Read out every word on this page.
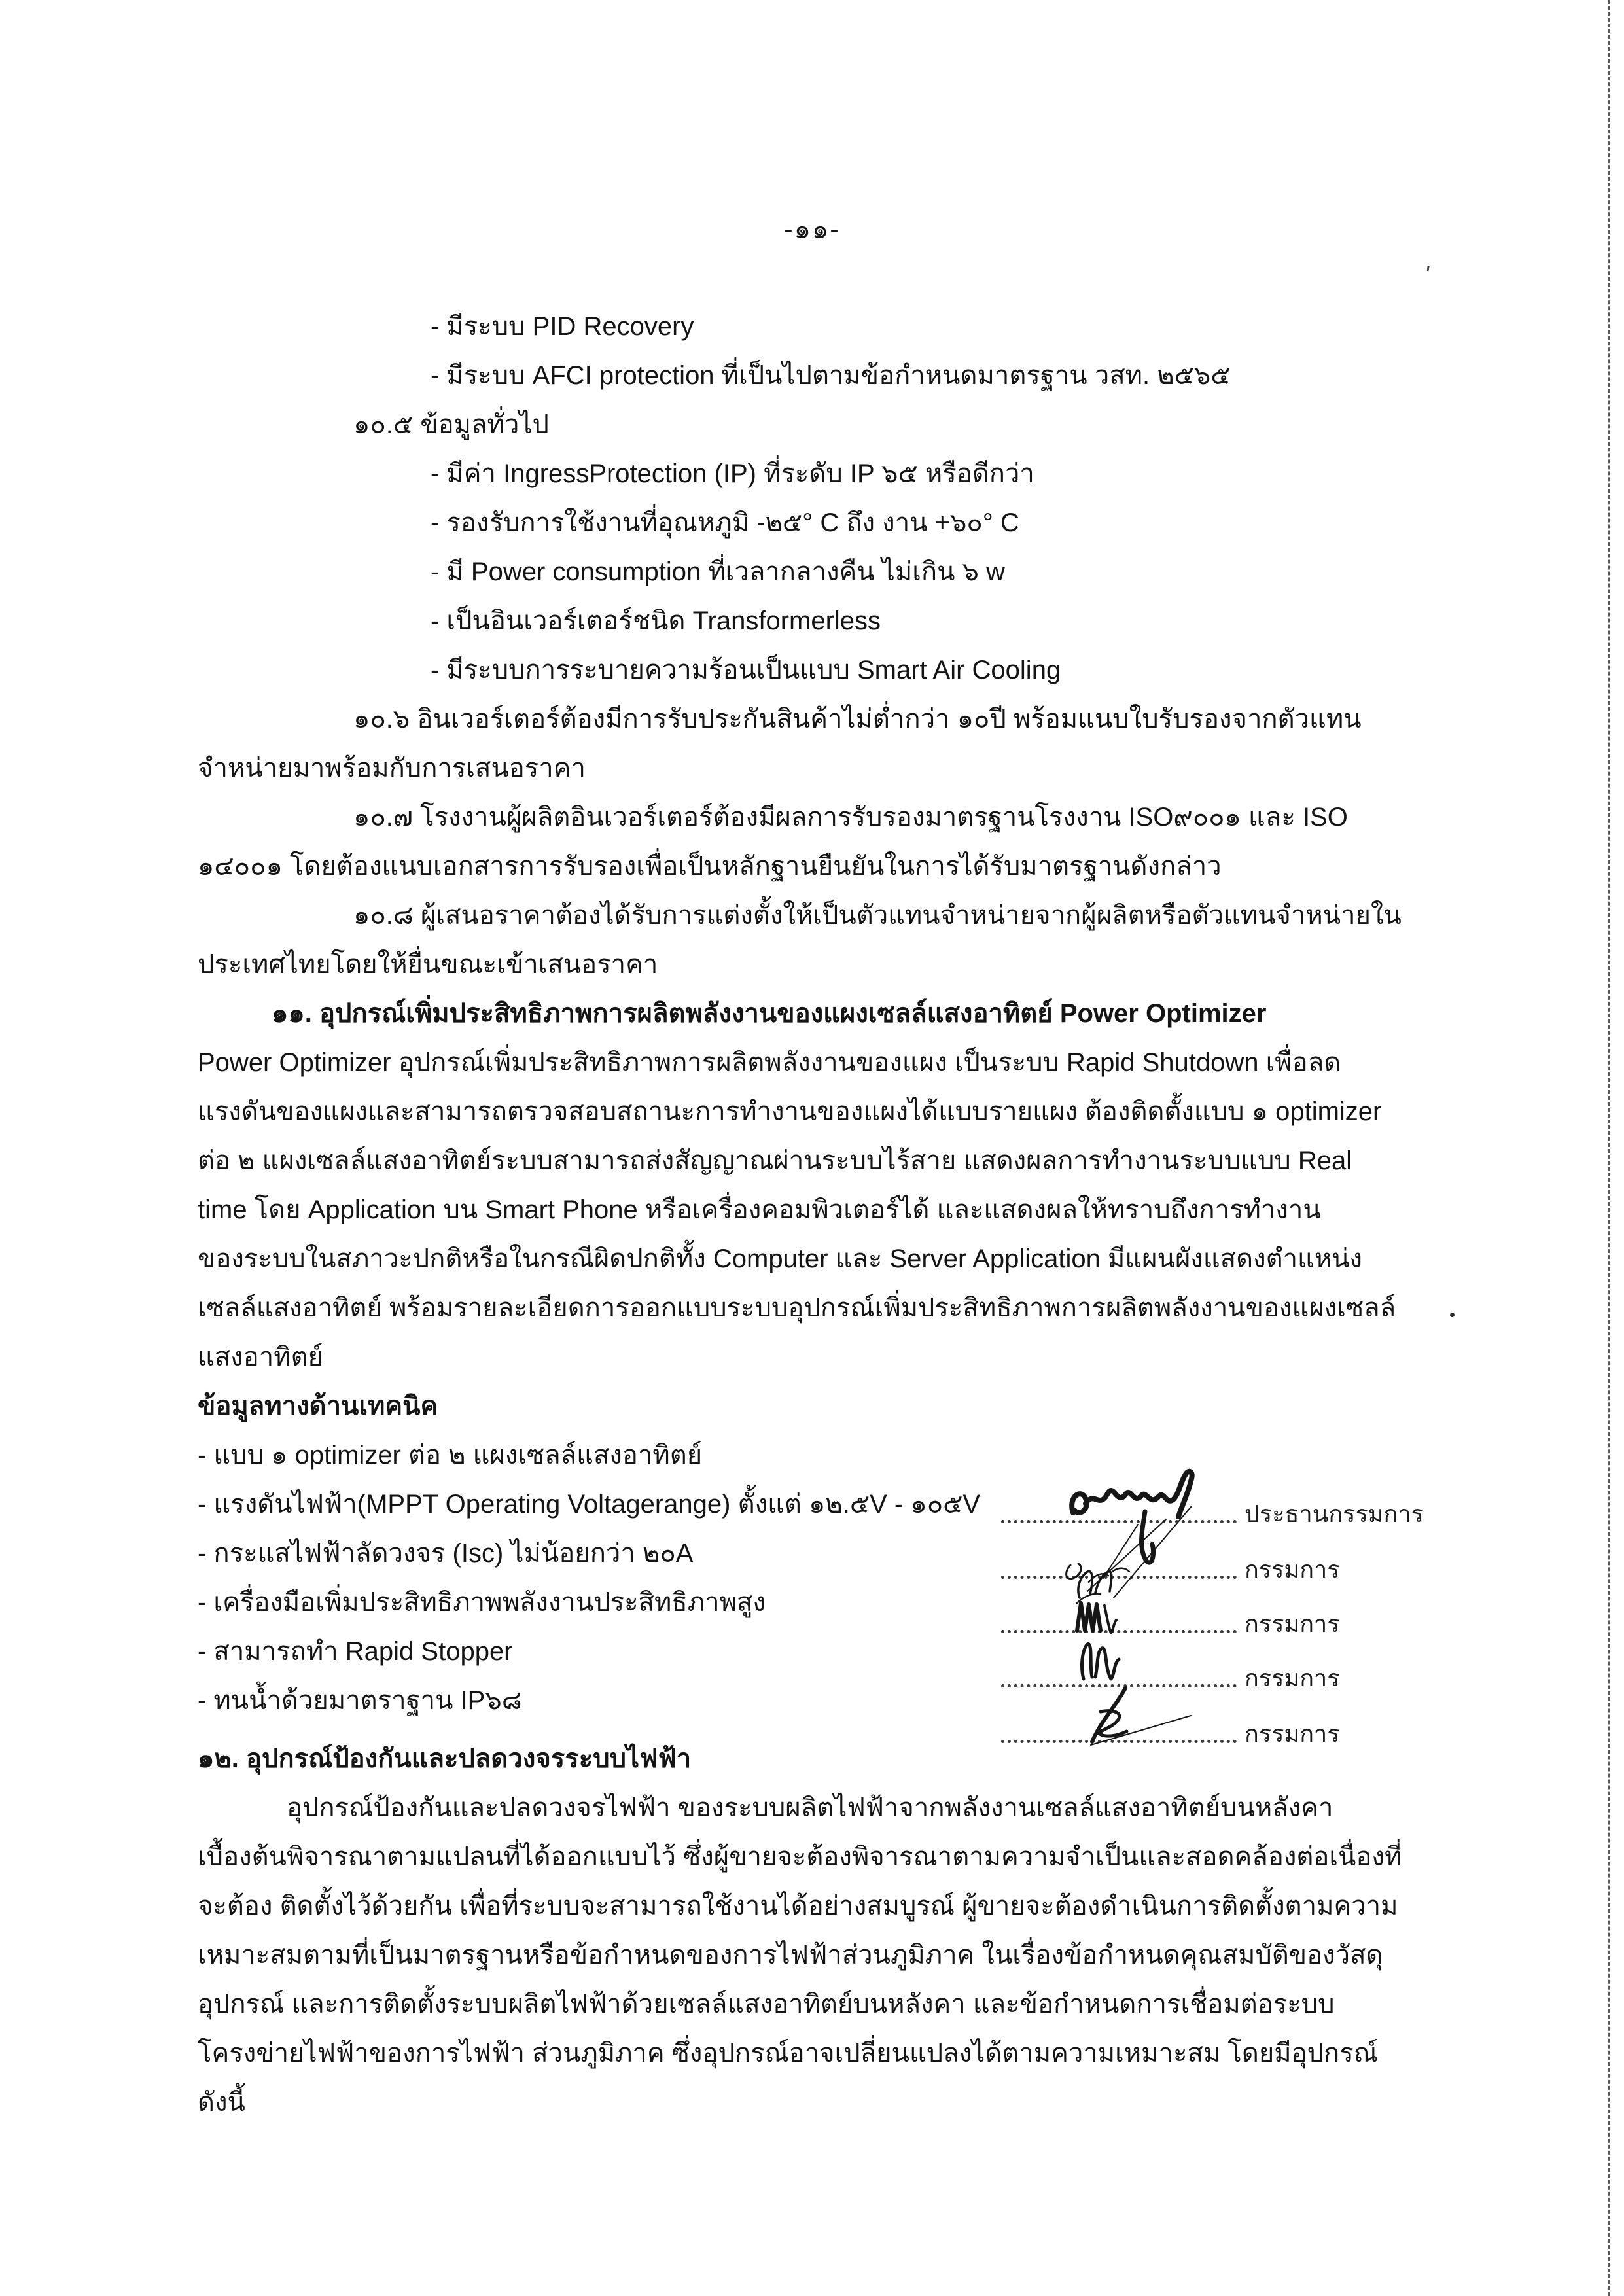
-๑๑-
- มีระบบ PID Recovery
- มีระบบ AFCI protection ที่เป็นไปตามข้อกำหนดมาตรฐาน วสท. ๒๕๖๕
๑๐.๕ ข้อมูลทั่วไป
- มีค่า IngressProtection (IP) ที่ระดับ IP ๖๕ หรือดีกว่า
- รองรับการใช้งานที่อุณหภูมิ -๒๕° C ถึง งาน +๖๐° C
- มี Power consumption ที่เวลากลางคืน ไม่เกิน ๖ w
- เป็นอินเวอร์เตอร์ชนิด Transformerless
- มีระบบการระบายความร้อนเป็นแบบ Smart Air Cooling
๑๐.๖ อินเวอร์เตอร์ต้องมีการรับประกันสินค้าไม่ต่ำกว่า ๑๐ปี พร้อมแนบใบรับรองจากตัวแทน
จำหน่ายมาพร้อมกับการเสนอราคา
๑๐.๗ โรงงานผู้ผลิตอินเวอร์เตอร์ต้องมีผลการรับรองมาตรฐานโรงงาน ISO๙๐๐๑ และ ISO
๑๔๐๐๑ โดยต้องแนบเอกสารการรับรองเพื่อเป็นหลักฐานยืนยันในการได้รับมาตรฐานดังกล่าว
๑๐.๘ ผู้เสนอราคาต้องได้รับการแต่งตั้งให้เป็นตัวแทนจำหน่ายจากผู้ผลิตหรือตัวแทนจำหน่ายใน
ประเทศไทยโดยให้ยื่นขณะเข้าเสนอราคา
๑๑. อุปกรณ์เพิ่มประสิทธิภาพการผลิตพลังงานของแผงเซลล์แสงอาทิตย์ Power Optimizer
Power Optimizer อุปกรณ์เพิ่มประสิทธิภาพการผลิตพลังงานของแผง เป็นระบบ Rapid Shutdown เพื่อลด
แรงดันของแผงและสามารถตรวจสอบสถานะการทำงานของแผงได้แบบรายแผง ต้องติดตั้งแบบ ๑ optimizer
ต่อ ๒ แผงเซลล์แสงอาทิตย์ระบบสามารถส่งสัญญาณผ่านระบบไร้สาย แสดงผลการทำงานระบบแบบ Real
time โดย Application บน Smart Phone หรือเครื่องคอมพิวเตอร์ได้ และแสดงผลให้ทราบถึงการทำงาน
ของระบบในสภาวะปกติหรือในกรณีผิดปกติทั้ง Computer และ Server Application มีแผนผังแสดงตำแหน่ง
เซลล์แสงอาทิตย์ พร้อมรายละเอียดการออกแบบระบบอุปกรณ์เพิ่มประสิทธิภาพการผลิตพลังงานของแผงเซลล์
แสงอาทิตย์
ข้อมูลทางด้านเทคนิค
- แบบ ๑ optimizer ต่อ ๒ แผงเซลล์แสงอาทิตย์
- แรงดันไฟฟ้า(MPPT Operating Voltagerange) ตั้งแต่ ๑๒.๕V - ๑๐๕V
- กระแสไฟฟ้าลัดวงจร (Isc) ไม่น้อยกว่า ๒๐A
- เครื่องมือเพิ่มประสิทธิภาพพลังงานประสิทธิภาพสูง
- สามารถทำ Rapid Stopper
- ทนน้ำด้วยมาตราฐาน IP๖๘
๑๒. อุปกรณ์ป้องกันและปลดวงจรระบบไฟฟ้า
อุปกรณ์ป้องกันและปลดวงจรไฟฟ้า ของระบบผลิตไฟฟ้าจากพลังงานเซลล์แสงอาทิตย์บนหลังคา
เบื้องต้นพิจารณาตามแปลนที่ได้ออกแบบไว้ ซึ่งผู้ขายจะต้องพิจารณาตามความจำเป็นและสอดคล้องต่อเนื่องที่
จะต้อง ติดตั้งไว้ด้วยกัน เพื่อที่ระบบจะสามารถใช้งานได้อย่างสมบูรณ์ ผู้ขายจะต้องดำเนินการติดตั้งตามความ
เหมาะสมตามที่เป็นมาตรฐานหรือข้อกำหนดของการไฟฟ้าส่วนภูมิภาค ในเรื่องข้อกำหนดคุณสมบัติของวัสดุ
อุปกรณ์ และการติดตั้งระบบผลิตไฟฟ้าด้วยเซลล์แสงอาทิตย์บนหลังคา และข้อกำหนดการเชื่อมต่อระบบ
โครงข่ายไฟฟ้าของการไฟฟ้า ส่วนภูมิภาค ซึ่งอุปกรณ์อาจเปลี่ยนแปลงได้ตามความเหมาะสม โดยมีอุปกรณ์
ดังนี้
ประธานกรรมการ
กรรมการ
กรรมการ
กรรมการ
กรรมการ
'
